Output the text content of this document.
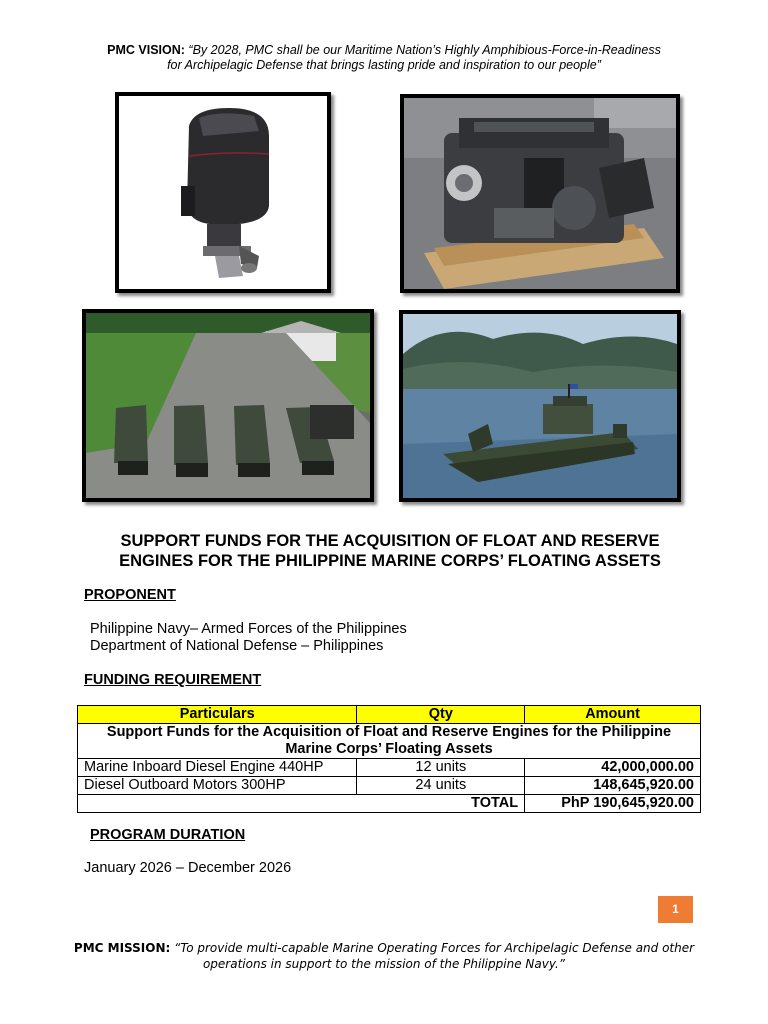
PMC VISION: “By 2028, PMC shall be our Maritime Nation’s Highly Amphibious-Force-in-Readiness
for Archipelagic Defense that brings lasting pride and inspiration to our people”
SUPPORT FUNDS FOR THE ACQUISITION OF FLOAT AND RESERVE
ENGINES FOR THE PHILIPPINE MARINE CORPS’ FLOATING ASSETS
PROPONENT
Philippine Navy– Armed Forces of the Philippines
Department of National Defense – Philippines
FUNDING REQUIREMENT
Particulars	Qty	Amount
Support Funds for the Acquisition of Float and Reserve Engines for the Philippine Marine Corps’ Floating Assets		
Marine Inboard Diesel Engine 440HP	12 units	42,000,000.00
Diesel Outboard Motors 300HP	24 units	148,645,920.00
TOTAL		PhP 190,645,920.00
PROGRAM DURATION
January 2026 – December 2026
1
PMC MISSION: “To provide multi-capable Marine Operating Forces for Archipelagic Defense and other operations in support to the mission of the Philippine Navy.”
